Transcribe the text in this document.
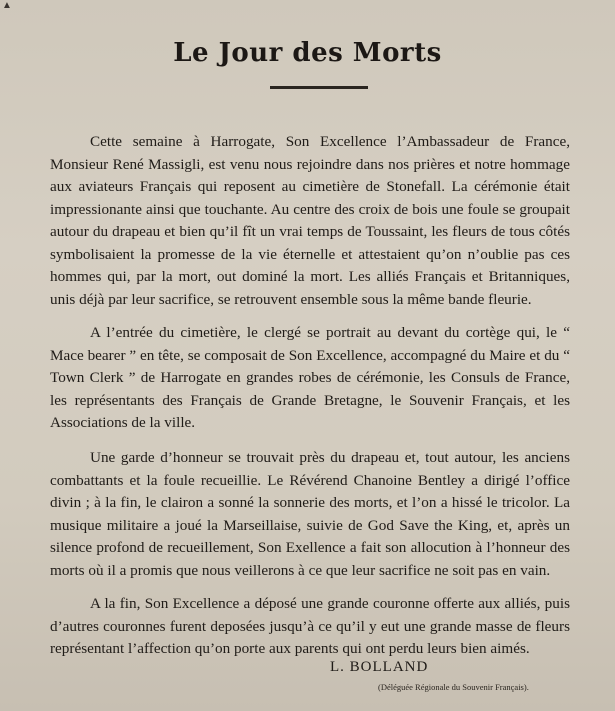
▲
Le Jour des Morts

Cette semaine à Harrogate, Son Excellence l’Ambassadeur de France, Monsieur René Massigli, est venu nous rejoindre dans nos prières et notre hommage aux aviateurs Français qui reposent au cimetière de Stonefall. La cérémonie était impressionante ainsi que touchante. Au centre des croix de bois une foule se groupait autour du drapeau et bien qu’il fît un vrai temps de Toussaint, les fleurs de tous côtés symbolisaient la promesse de la vie éternelle et attestaient qu’on n’oublie pas ces hommes qui, par la mort, out dominé la mort. Les alliés Français et Britanniques, unis déjà par leur sacrifice, se retrouvent ensemble sous la même bande fleurie.

A l’entrée du cimetière, le clergé se portrait au devant du cortège qui, le “ Mace bearer ” en tête, se composait de Son Excellence, accompagné du Maire et du “ Town Clerk ” de Harrogate en grandes robes de cérémonie, les Consuls de France, les représentants des Français de Grande Bretagne, le Souvenir Français, et les Associations de la ville.

Une garde d’honneur se trouvait près du drapeau et, tout autour, les anciens combattants et la foule recueillie. Le Révérend Chanoine Bentley a dirigé l’office divin ; à la fin, le clairon a sonné la sonnerie des morts, et l’on a hissé le tricolor. La musique militaire a joué la Marseillaise, suivie de God Save the King, et, après un silence profond de recueillement, Son Exellence a fait son allocution à l’honneur des morts où il a promis que nous veillerons à ce que leur sacrifice ne soit pas en vain.

A la fin, Son Excellence a déposé une grande couronne offerte aux alliés, puis d’autres couronnes furent deposées jusqu’à ce qu’il y eut une grande masse de fleurs représentant l’affection qu’on porte aux parents qui ont perdu leurs bien aimés.

L. BOLLAND
(Déléguée Régionale du Souvenir Français).
